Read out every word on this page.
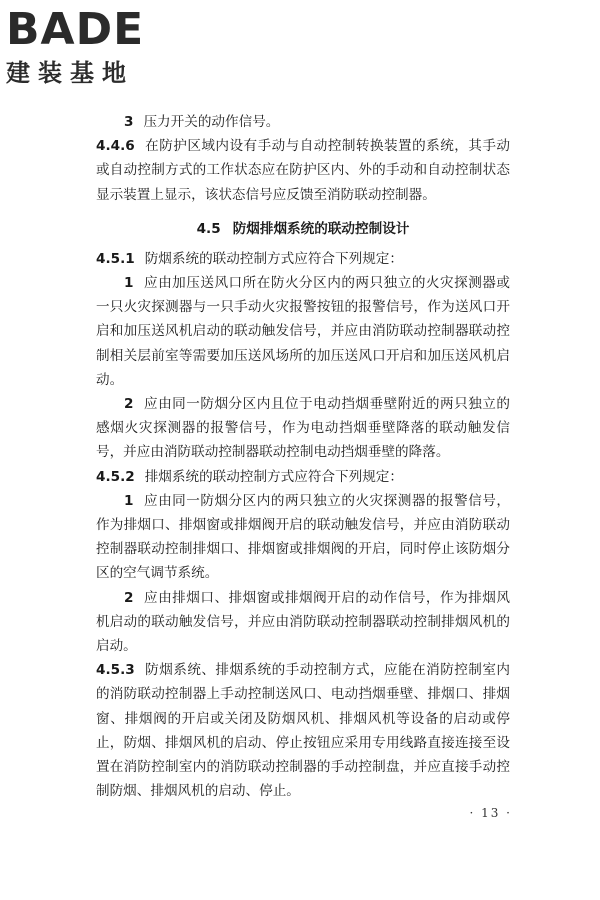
BADE
建装基地

3 压力开关的动作信号。

4.4.6 在防护区域内设有手动与自动控制转换装置的系统，其手动或自动控制方式的工作状态应在防护区内、外的手动和自动控制状态显示装置上显示，该状态信号应反馈至消防联动控制器。

4.5 防烟排烟系统的联动控制设计

4.5.1 防烟系统的联动控制方式应符合下列规定：

1 应由加压送风口所在防火分区内的两只独立的火灾探测器或一只火灾探测器与一只手动火灾报警按钮的报警信号，作为送风口开启和加压送风机启动的联动触发信号，并应由消防联动控制器联动控制相关层前室等需要加压送风场所的加压送风口开启和加压送风机启动。

2 应由同一防烟分区内且位于电动挡烟垂壁附近的两只独立的感烟火灾探测器的报警信号，作为电动挡烟垂壁降落的联动触发信号，并应由消防联动控制器联动控制电动挡烟垂壁的降落。

4.5.2 排烟系统的联动控制方式应符合下列规定：

1 应由同一防烟分区内的两只独立的火灾探测器的报警信号，作为排烟口、排烟窗或排烟阀开启的联动触发信号，并应由消防联动控制器联动控制排烟口、排烟窗或排烟阀的开启，同时停止该防烟分区的空气调节系统。

2 应由排烟口、排烟窗或排烟阀开启的动作信号，作为排烟风机启动的联动触发信号，并应由消防联动控制器联动控制排烟风机的启动。

4.5.3 防烟系统、排烟系统的手动控制方式，应能在消防控制室内的消防联动控制器上手动控制送风口、电动挡烟垂壁、排烟口、排烟窗、排烟阀的开启或关闭及防烟风机、排烟风机等设备的启动或停止，防烟、排烟风机的启动、停止按钮应采用专用线路直接连接至设置在消防控制室内的消防联动控制器的手动控制盘，并应直接手动控制防烟、排烟风机的启动、停止。

· 13 ·
